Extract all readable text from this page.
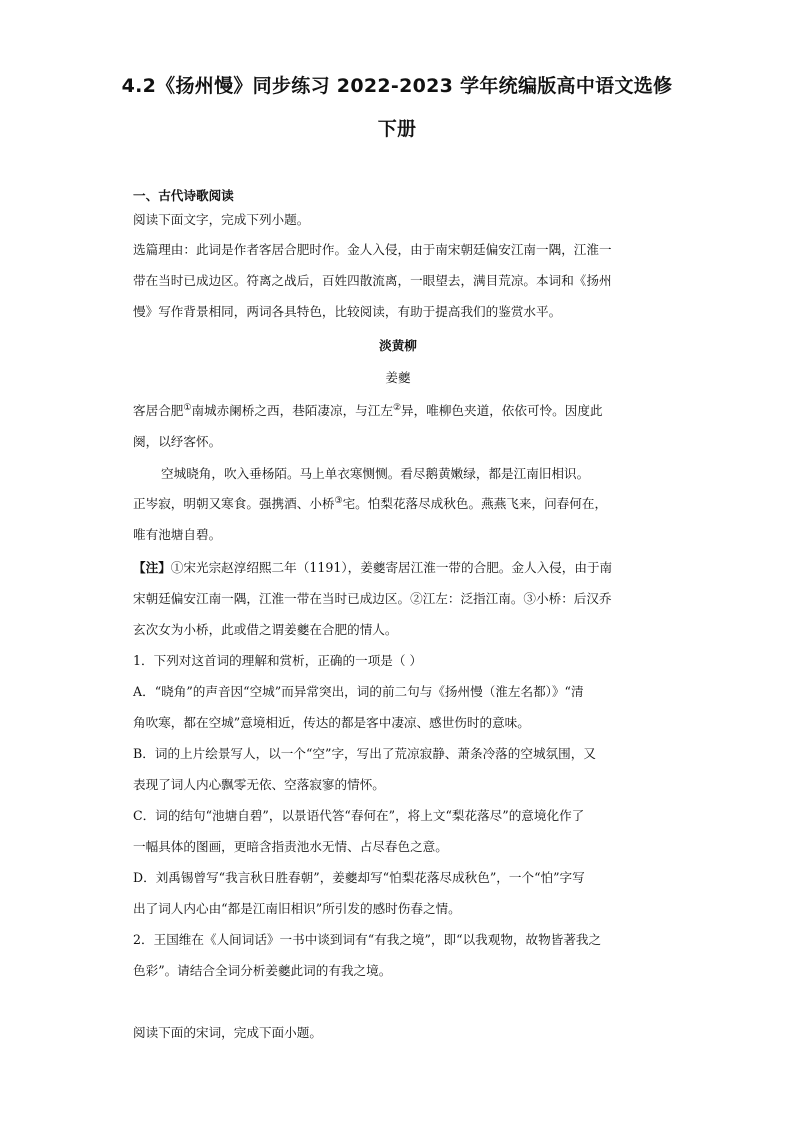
4.2《扬州慢》同步练习 2022-2023 学年统编版高中语文选修
下册
一、古代诗歌阅读
阅读下面文字，完成下列小题。
选篇理由：此词是作者客居合肥时作。金人入侵，由于南宋朝廷偏安江南一隅，江淮一
带在当时已成边区。符离之战后，百姓四散流离，一眼望去，满目荒凉。本词和《扬州
慢》写作背景相同，两词各具特色，比较阅读，有助于提高我们的鉴赏水平。
淡黄柳
姜夔
客居合肥①南城赤阑桥之西，巷陌凄凉，与江左②异，唯柳色夹道，依依可怜。因度此
阕，以纾客怀。
空城晓角，吹入垂杨陌。马上单衣寒恻恻。看尽鹅黄嫩绿，都是江南旧相识。
正岑寂，明朝又寒食。强携酒、小桥③宅。怕梨花落尽成秋色。燕燕飞来，问春何在，
唯有池塘自碧。
【注】①宋光宗赵淳绍熙二年（1191），姜夔寄居江淮一带的合肥。金人入侵，由于南
宋朝廷偏安江南一隅，江淮一带在当时已成边区。②江左：泛指江南。③小桥：后汉乔
玄次女为小桥，此或借之谓姜夔在合肥的情人。
1．下列对这首词的理解和赏析，正确的一项是（ ）
A．“晓角”的声音因“空城”而异常突出，词的前二句与《扬州慢（淮左名都）》“清
角吹寒，都在空城”意境相近，传达的都是客中凄凉、感世伤时的意味。
B．词的上片绘景写人，以一个“空”字，写出了荒凉寂静、萧条冷落的空城氛围，又
表现了词人内心飘零无依、空落寂寥的情怀。
C．词的结句“池塘自碧”，以景语代答“春何在”，将上文“梨花落尽”的意境化作了
一幅具体的图画，更暗含指责池水无情、占尽春色之意。
D．刘禹锡曾写“我言秋日胜春朝”，姜夔却写“怕梨花落尽成秋色”，一个“怕”字写
出了词人内心由“都是江南旧相识”所引发的感时伤春之情。
2．王国维在《人间词话》一书中谈到词有“有我之境”，即“以我观物，故物皆著我之
色彩”。请结合全词分析姜夔此词的有我之境。
阅读下面的宋词，完成下面小题。
